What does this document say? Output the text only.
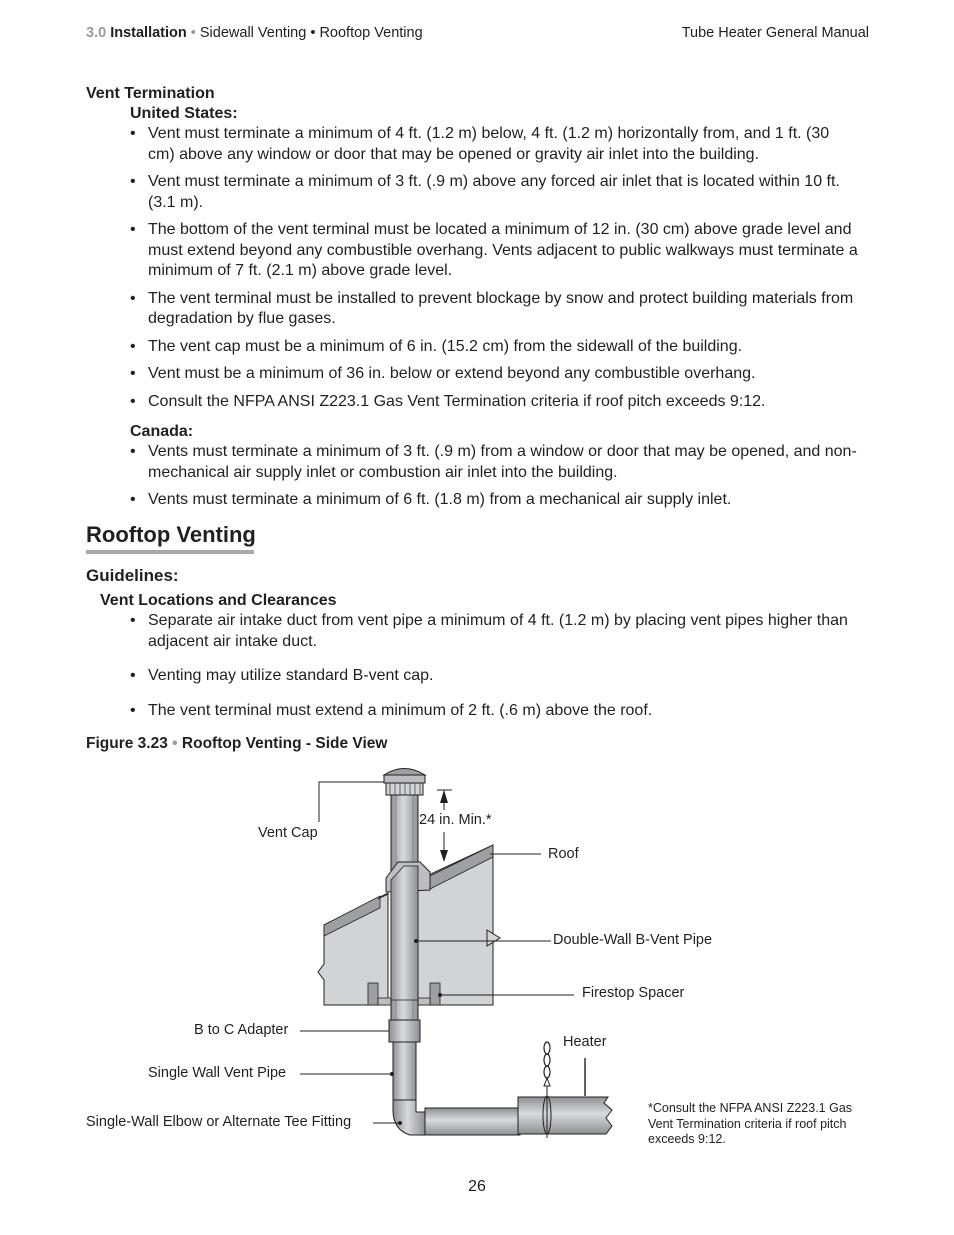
3.0 Installation • Sidewall Venting • Rooftop Venting	Tube Heater General Manual
Vent Termination
United States:
• Vent must terminate a minimum of 4 ft. (1.2 m) below, 4 ft. (1.2 m) horizontally from, and 1 ft. (30 cm) above any window or door that may be opened or gravity air inlet into the building.
• Vent must terminate a minimum of 3 ft. (.9 m) above any forced air inlet that is located within 10 ft. (3.1 m).
• The bottom of the vent terminal must be located a minimum of 12 in. (30 cm) above grade level and must extend beyond any combustible overhang. Vents adjacent to public walkways must terminate a minimum of 7 ft. (2.1 m) above grade level.
• The vent terminal must be installed to prevent blockage by snow and protect building materials from degradation by flue gases.
• The vent cap must be a minimum of 6 in. (15.2 cm) from the sidewall of the building.
• Vent must be a minimum of 36 in. below or extend beyond any combustible overhang.
• Consult the NFPA ANSI Z223.1 Gas Vent Termination criteria if roof pitch exceeds 9:12.
Canada:
• Vents must terminate a minimum of 3 ft. (.9 m) from a window or door that may be opened, and non-mechanical air supply inlet or combustion air inlet into the building.
• Vents must terminate a minimum of 6 ft. (1.8 m) from a mechanical air supply inlet.
Rooftop Venting
Guidelines:
Vent Locations and Clearances
• Separate air intake duct from vent pipe a minimum of 4 ft. (1.2 m) by placing vent pipes higher than adjacent air intake duct.
• Venting may utilize standard B-vent cap.
• The vent terminal must extend a minimum of 2 ft. (.6 m) above the roof.
Figure 3.23 • Rooftop Venting - Side View
Vent Cap
24 in. Min.*
Roof
Double-Wall B-Vent Pipe
Firestop Spacer
B to C Adapter
Heater
Single Wall Vent Pipe
Single-Wall Elbow or Alternate Tee Fitting
*Consult the NFPA ANSI Z223.1 Gas Vent Termination criteria if roof pitch exceeds 9:12.
26
